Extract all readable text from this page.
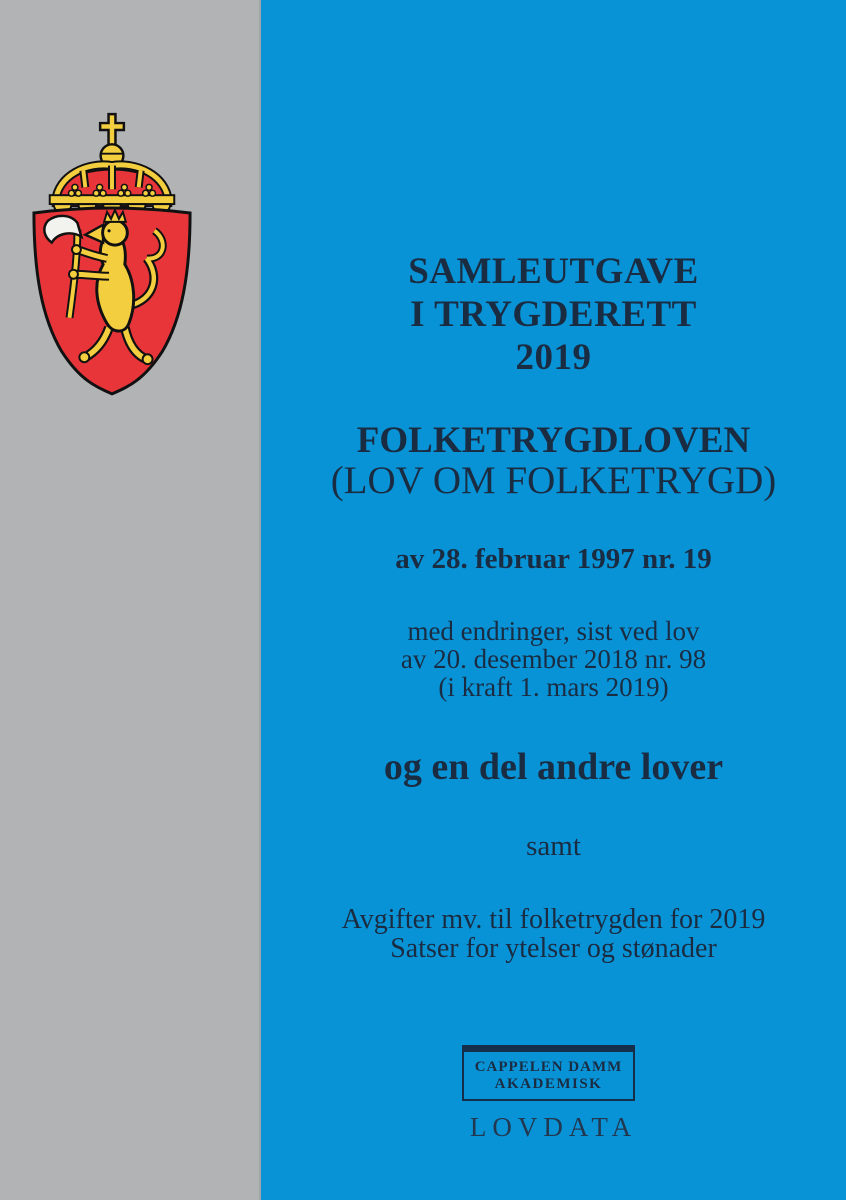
SAMLEUTGAVE
I TRYGDERETT
2019
FOLKETRYGDLOVEN
(LOV OM FOLKETRYGD)
av 28. februar 1997 nr. 19
med endringer, sist ved lov
av 20. desember 2018 nr. 98
(i kraft 1. mars 2019)
og en del andre lover
samt
Avgifter mv. til folketrygden for 2019
Satser for ytelser og stønader
CAPPELEN DAMM
AKADEMISK
LOVDATA
